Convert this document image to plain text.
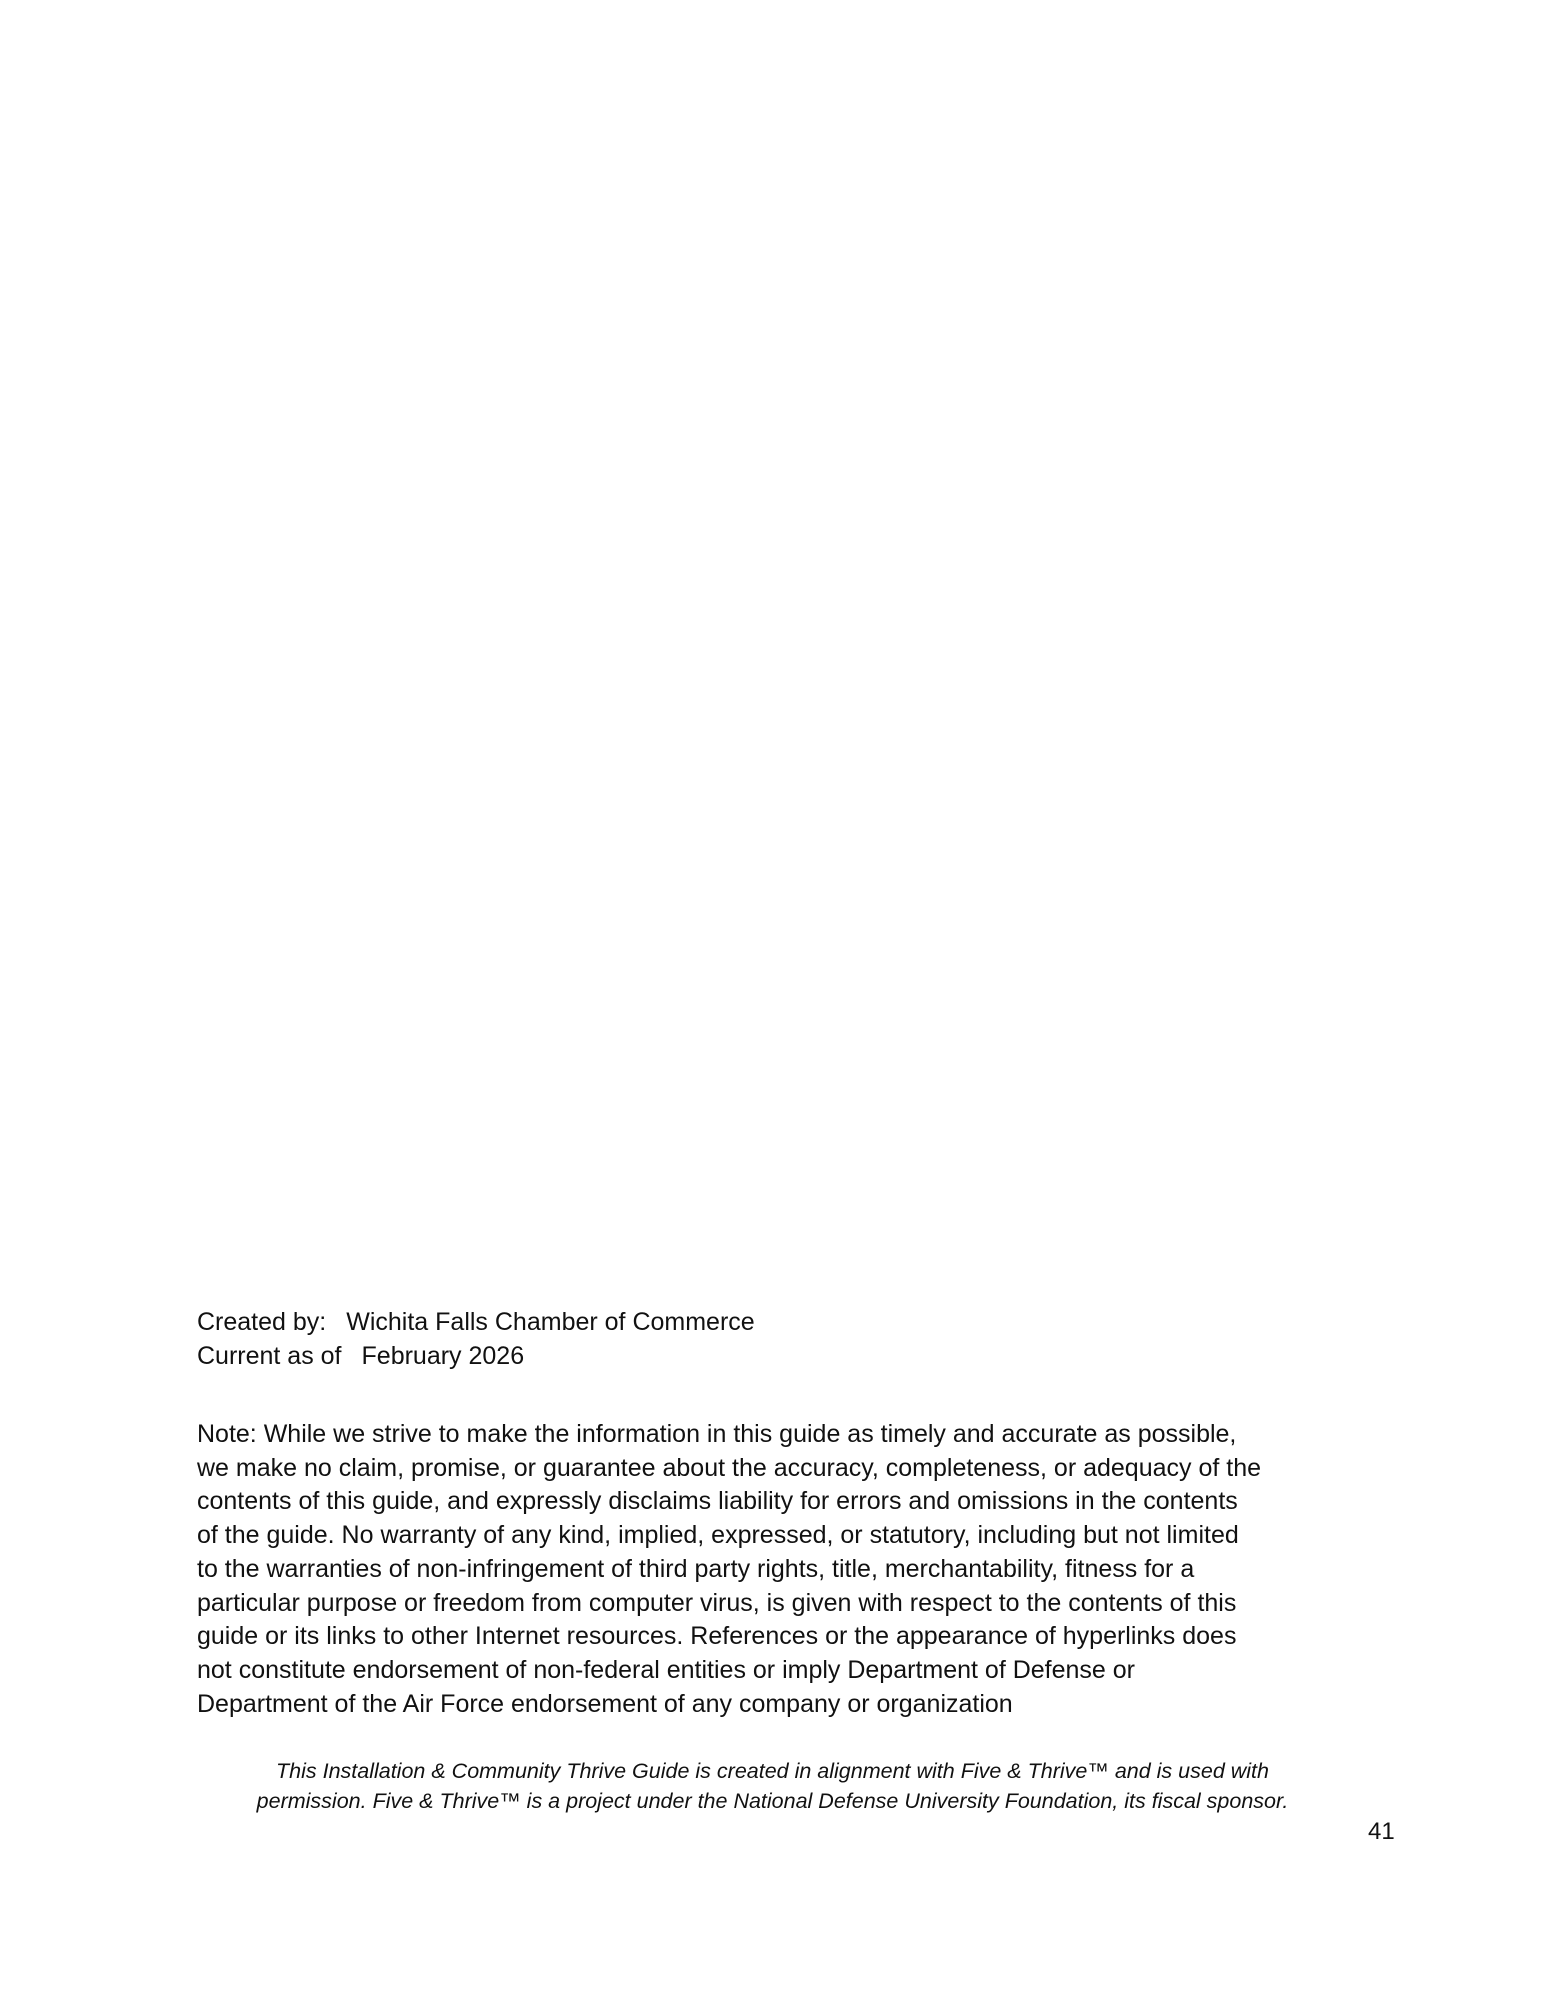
Created by: Wichita Falls Chamber of Commerce
Current as of February 2026

Note: While we strive to make the information in this guide as timely and accurate as possible,

we make no claim, promise, or guarantee about the accuracy, completeness, or adequacy of the

contents of this guide, and expressly disclaims liability for errors and omissions in the contents

of the guide. No warranty of any kind, implied, expressed, or statutory, including but not limited

to the warranties of non-infringement of third party rights, title, merchantability, fitness for a

particular purpose or freedom from computer virus, is given with respect to the contents of this

guide or its links to other Internet resources. References or the appearance of hyperlinks does

not constitute endorsement of non-federal entities or imply Department of Defense or

Department of the Air Force endorsement of any company or organization

This Installation & Community Thrive Guide is created in alignment with Five & Thrive™ and is used with

permission. Five & Thrive™ is a project under the National Defense University Foundation, its fiscal sponsor.

41
